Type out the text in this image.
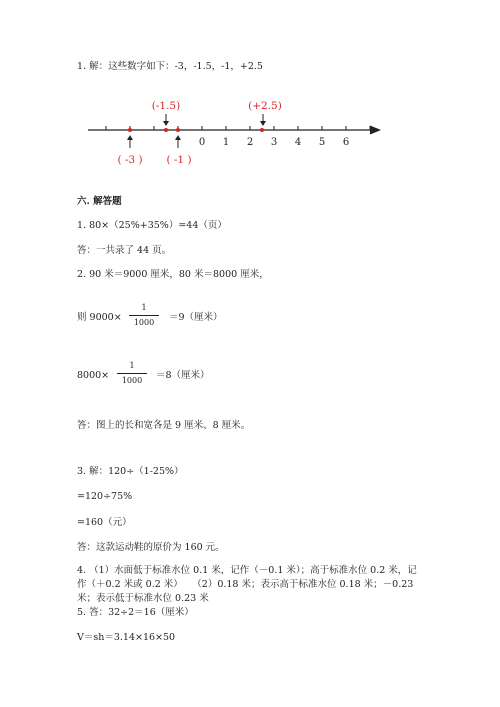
1. 解：这些数字如下：-3，-1.5，-1，+2.5
0 1 2 3 4 5 6
(-1.5)	(+2.5)
( -3 ) ( -1 )
六. 解答题
1. 80×（25%+35%）=44（页）
答：一共录了 44 页。
2. 90 米＝9000 厘米，80 米＝8000 厘米，
则 9000×
1
1000	＝9（厘米）
8000×
1
1000	＝8（厘米）
答：图上的长和宽各是 9 厘米、8 厘米。
3. 解：120÷（1-25%）
=120÷75%
=160（元）
答：这款运动鞋的原价为 160 元。
4. （1）水面低于标准水位 0.1 米，记作（－0.1 米）；高于标准水位 0.2 米，记
作（＋0.2 米或 0.2 米）　　（2）0.18 米；表示高于标准水位 0.18 米；－0.23
米；表示低于标准水位 0.23 米
5. 答：32÷2＝16（厘米）
V＝sh＝3.14×16×50
